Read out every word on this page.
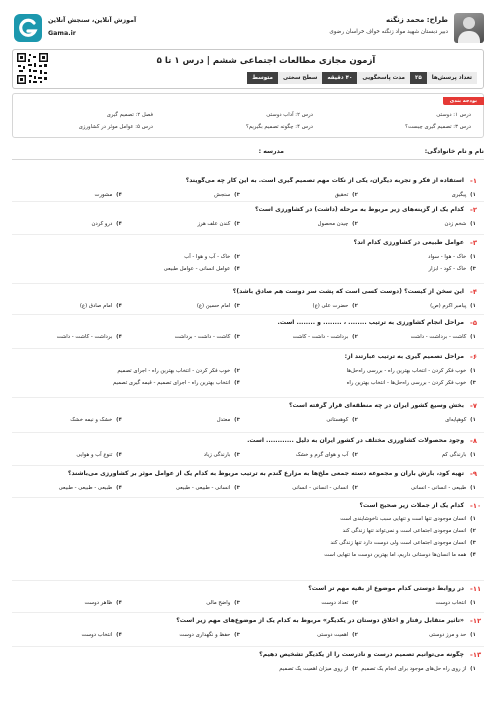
طراح: محمد زنگنه
دبیر دبستان شهید مواد زنگنه خواف خراسان رضوی
آموزش آنلاین، سنجش آنلاین
Gama.ir
آزمون مجازی مطالعات اجتماعی ششم | درس ۱ تا ۵
تعداد پرسش‌ها
۲۵
مدت پاسخگویی
۴۰ دقیقه
سطح سختی
متوسط
بودجه بندی
درس ۱: دوستی
درس ۲: آداب دوستی
فصل ۲: تصمیم گیری
درس ۳: تصمیم گیری چیست؟
درس ۴: چگونه تصمیم بگیریم؟
درس ۵: عوامل موثر در کشاورزی
نام و نام خانوادگی:
مدرسه :
۱-
استفاده از فکر و تجربه دیگران، یکی از نکات مهم تصمیم گیری است. به این کار چه می‌گویند؟
۱) پیگیری
۲) تحقیق
۳) سنجش
۴) مشورت
۲-
کدام یک از گزینه‌های زیر مربوط به مرحله (داشت) در کشاورزی است؟
۱) شخم زدن
۲) چیدن محصول
۳) کندن علف هرز
۴) درو کردن
۳-
عوامل طبیعی در کشاورزی کدام اند؟
۱) خاک - هوا - سواد
۲) خاک - آب و هوا - آب
۳) خاک - کود - ابزار
۴) عوامل انسانی - عوامل طبیعی
۴-
این سخن از کیست؟ (دوست کسی است که پشت سر دوست هم صادق باشد)؟
۱) پیامبر اکرم (ص)
۲) حضرت علی (ع)
۳) امام حسین (ع)
۴) امام صادق (ع)
۵-
مراحل انجام کشاورزی به ترتیب ........ ، ........ و ........ است.
۱) کاشت - برداشت - داشت
۲) برداشت - داشت - کاشت
۳) کاشت - داشت - برداشت
۴) برداشت - کاشت - داشت
۶-
مراحل تصمیم گیری به ترتیب عبارتند از:
۱) خوب فکر کردن - انتخاب بهترین راه - بررسی راه‌حل‌ها
۲) خوب فکر کردن - انتخاب بهترین راه - اجرای تصمیم
۳) خوب فکر کردن - بررسی راه‌حل‌ها - انتخاب بهترین راه
۴) انتخاب بهترین راه - اجرای تصمیم - قیمه گیری تصمیم
۷-
بخش وسیع کشور ایران در چه منطقه‌ای قرار گرفته است؟
۱) کوهپایه‌ای
۲) کوهستانی
۳) معتدل
۴) خشک و نیمه خشک
۸-
وجود محصولات کشاورزی مختلف در کشور ایران به دلیل ............ است.
۱) بارندگی کم
۲) آب و هوای گرم و خشک
۳) بارندگی زیاد
۴) تنوع آب و هوایی
۹-
تهیه کود، بارش باران و مجموعه دسته جمعی ملخ‌ها به مزارع گندم به ترتیب مربوط به کدام یک از عوامل موثر بر کشاورزی می‌باشند؟
۱) طبیعی - انسانی - انسانی
۲) انسانی - انسانی - انسانی
۳) انسانی - طبیعی - طبیعی
۴) طبیعی - طبیعی - طبیعی
۱۰-
کدام یک از جملات زیر صحیح است؟
۱) انسان موجودی تنها است و تنهایی سبب ناخوشایندی است
۲) انسان موجودی اجتماعی است و نمی‌تواند تنها زندگی کند
۳) انسان موجودی اجتماعی است ولی دوست دارد تنها زندگی کند
۴) همه ما انسان‌ها دوستانی داریم، اما بهترین دوست ما تنهایی است
۱۱-
در روابط دوستی کدام موضوع از بقیه مهم تر است؟
۱) انتخاب دوست
۲) تعداد دوست
۳) واضح مالی
۴) ظاهر دوست
۱۲-
«تاثیر متقابل رفتار و اخلاق دوستان در یکدیگر» مربوط به کدام یک از موضوع‌های مهم زیر است؟
۱) حد و مرز دوستی
۲) اهمیت دوستی
۳) حفظ و نگهداری دوست
۴) انتخاب دوست
۱۳-
چگونه می‌توانیم تصمیم درست و نادرست را از یکدیگر تشخیص دهیم؟
۱) از روی راه حل‌های موجود برای انجام یک تصمیم
۲) از روی میزان اهمیت یک تصمیم
